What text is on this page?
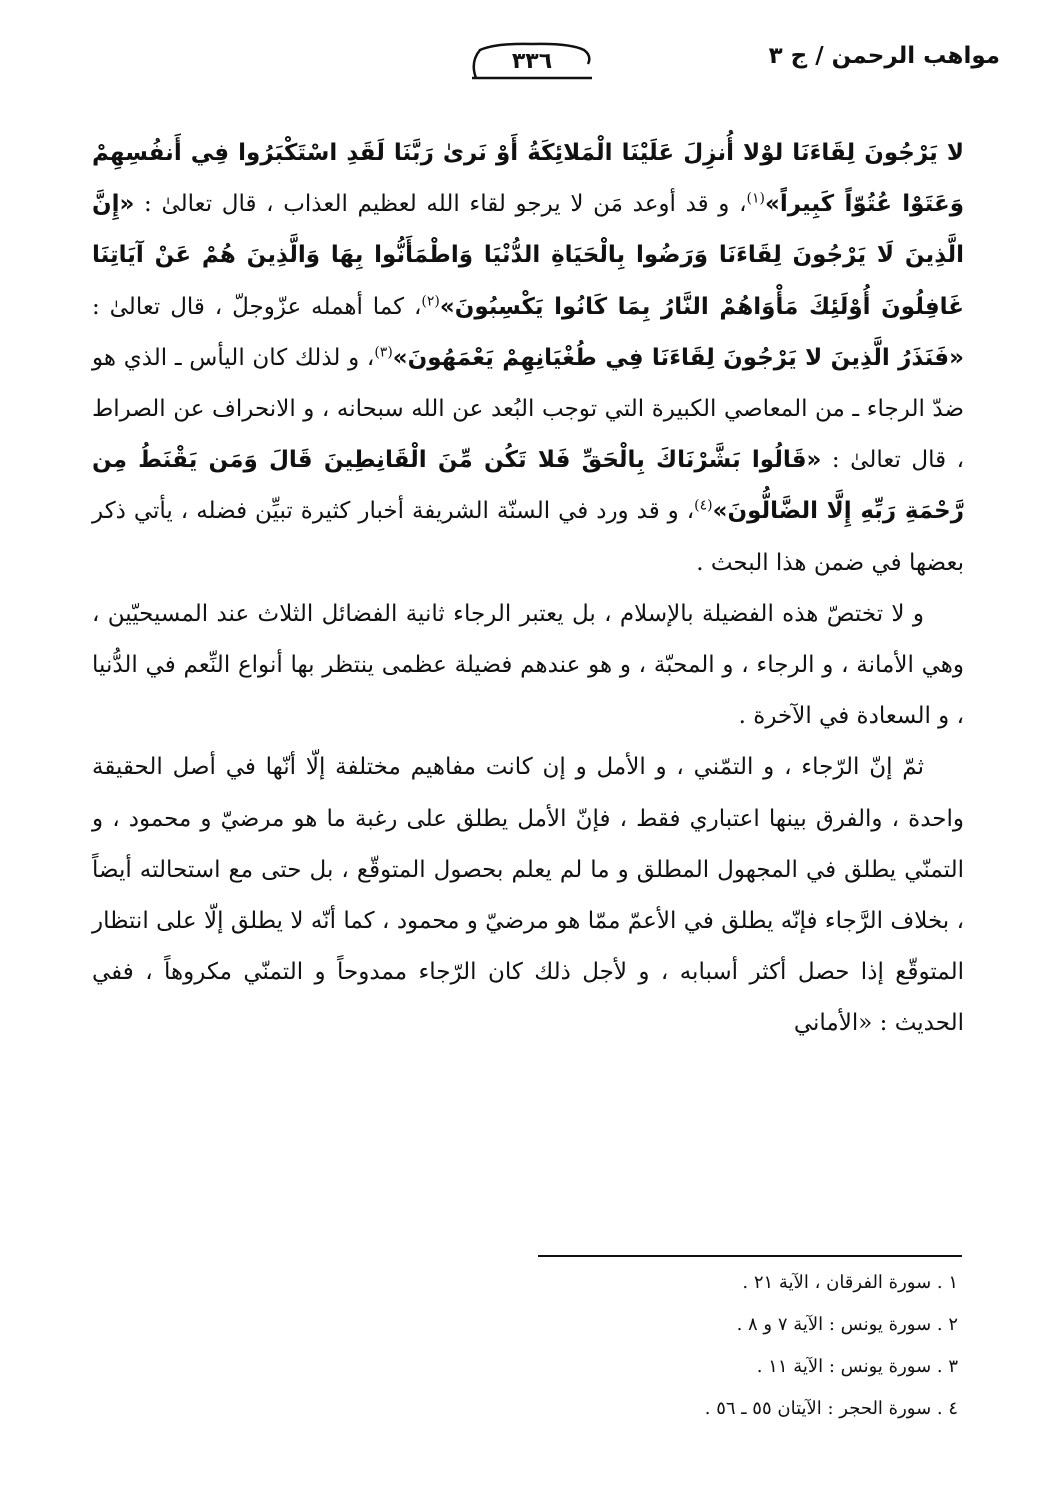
مواهب الرحمن / ج ٣
٣٣٦

لا يَرْجُونَ لِقَاءَنَا لوْلا أُنزِلَ عَلَيْنَا الْمَلائِكَةُ أَوْ نَرىٰ رَبَّنَا لَقَدِ اسْتَكْبَرُوا فِي أَنفُسِهِمْ وَعَتَوْا عُتُوّاً كَبِيراً»$^{(١)}$، و قد أوعد مَن لا يرجو لقاء الله لعظيم العذاب ، قال تعالىٰ : «إِنَّ الَّذِينَ لَا يَرْجُونَ لِقَاءَنَا وَرَضُوا بِالْحَيَاةِ الدُّنْيَا وَاطْمَأَنُّوا بِهَا وَالَّذِينَ هُمْ عَنْ آيَاتِنَا غَافِلُونَ أُوْلَئِكَ مَأْوَاهُمْ النَّارُ بِمَا كَانُوا يَكْسِبُونَ»$^{(٢)}$، كما أهمله عزّوجلّ ، قال تعالىٰ : «فَنَذَرُ الَّذِينَ لا يَرْجُونَ لِقَاءَنَا فِي طُغْيَانِهِمْ يَعْمَهُونَ»$^{(٣)}$، و لذلك كان اليأس ـ الذي هو ضدّ الرجاء ـ من المعاصي الكبيرة التي توجب البُعد عن الله سبحانه ، و الانحراف عن الصراط ، قال تعالىٰ : «قَالُوا بَشَّرْنَاكَ بِالْحَقِّ فَلا تَكُن مِّنَ الْقَانِطِينَ قَالَ وَمَن يَقْنَطُ مِن رَّحْمَةِ رَبِّهِ إِلَّا الضَّالُّونَ»$^{(٤)}$، و قد ورد في السنّة الشريفة أخبار كثيرة تبيِّن فضله ، يأتي ذكر بعضها في ضمن هذا البحث .

و لا تختصّ هذه الفضيلة بالإسلام ، بل يعتبر الرجاء ثانية الفضائل الثلاث عند المسيحيّين ، وهي الأمانة ، و الرجاء ، و المحبّة ، و هو عندهم فضيلة عظمى ينتظر بها أنواع النِّعم في الدُّنيا ، و السعادة في الآخرة .

ثمّ إنّ الرّجاء ، و التمّني ، و الأمل و إن كانت مفاهيم مختلفة إلّا أنّها في أصل الحقيقة واحدة ، والفرق بينها اعتباري فقط ، فإنّ الأمل يطلق على رغبة ما هو مرضيّ و محمود ، و التمنّي يطلق في المجهول المطلق و ما لم يعلم بحصول المتوقّع ، بل حتى مع استحالته أيضاً ، بخلاف الرَّجاء فإنّه يطلق في الأعمّ ممّا هو مرضيّ و محمود ، كما أنّه لا يطلق إلّا على انتظار المتوقّع إذا حصل أكثر أسبابه ، و لأجل ذلك كان الرّجاء ممدوحاً و التمنّي مكروهاً ، ففي الحديث : «الأماني

١ . سورة الفرقان ، الآية ٢١ .
٢ . سورة يونس : الآية ٧ و ٨ .
٣ . سورة يونس : الآية ١١ .
٤ . سورة الحجر : الآيتان ٥٥ ـ ٥٦ .
